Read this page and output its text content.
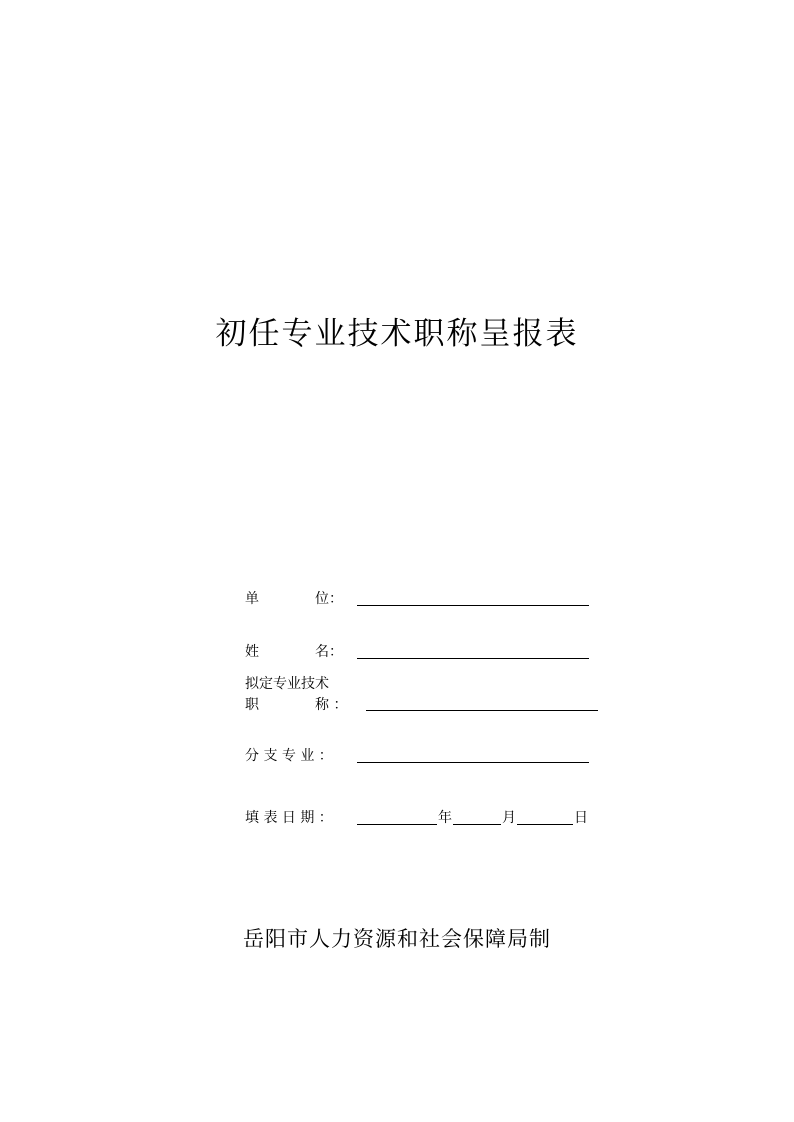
初任专业技术职称呈报表
单　　　　位：
姓　　　　名：
拟定专业技术
职　　　　称 ：
分 支 专 业 ：
填 表 日 期 ：	年	月	日
岳阳市人力资源和社会保障局制
